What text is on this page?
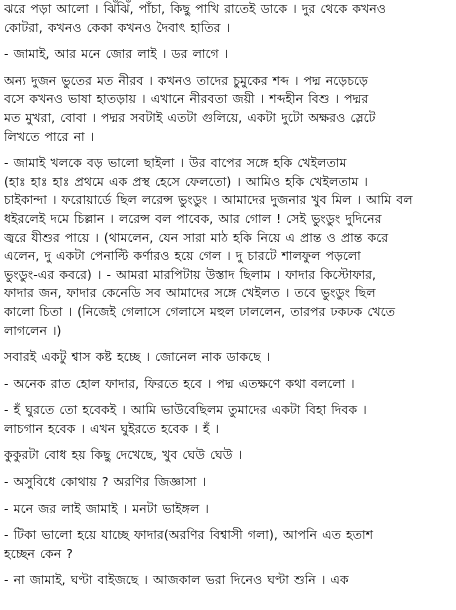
ঝরে পড়া আলো । ঝিঁঝিঁ, পাঁচা, কিছু পাখি রাতেই ডাকে । দুর থেকে কখনও
কোটরা, কখনও কেকা কখনও দৈবাৎ হাতির ।
- জামাই, আর মনে জোর লাই । ডর লাগে ।
অন্য দুজন ভুতের মত নীরব । কখনও তাদের চুমুকের শব্দ । পদ্ম নড়েচড়ে
বসে কখনও ভাষা হাতড়ায় । এখানে নীরবতা জয়ী । শব্দহীন বিশু । পদ্মর
মত মুখরা, বোবা । পদ্মর সবটাই এতটা গুলিয়ে, একটা দুটো অক্ষরও স্লেটে
লিখতে পারে না ।
- জামাই খলকে বড় ভালো ছাইলা । উর বাপের সঙ্গে হকি খেইলতাম
(হাঃ হাঃ হাঃ প্রথমে এক প্রস্থ হেসে ফেলতো) । আমিও হকি খেইলতাম ।
চাইকান্দা । ফরোয়ার্ডে ছিল লরেন্স ভুংডুং । আমাদের দুজনার খুব মিল । আমি বল
ধইরলেই দমে চিল্লান । লরেন্স বল পাবেক, আর গোল ! সেই ভুংডুং দুদিনের
জ্বরে যীশুর পায়ে । (থামলেন, যেন সারা মাঠ হকি নিয়ে এ প্রান্ত ও প্রান্ত করে
এলেন, দু একটা পেনাল্টি কর্ণারও হয়ে গেল । দু চারটে শালফুল পড়লো
ভুংডুং-এর কবরে) । - আমরা মারপিটায় উস্তাদ ছিলাম । ফাদার কিস্টোফার,
ফাদার জন, ফাদার কেনেডি সব আমাদের সঙ্গে খেইলত । তবে ভুংডুং ছিল
কালো চিতা । (নিজেই গেলাসে গেলাসে মহুল ঢাললেন, তারপর ঢকঢক খেতে
লাগলেন ।)
সবারই একটু শ্বাস কষ্ট হচ্ছে । জোনেল নাক ডাকছে ।
- অনেক রাত হোল ফাদার, ফিরতে হবে । পদ্ম এতক্ষণে কথা বললো ।
- হঁ ঘুরতে তো হবেকই । আমি ভাউবেছিলম তুমাদের একটা বিহা দিবক ।
লাচগান হবেক । এখন ঘুইরতে হবেক । হঁ ।
কুকুরটা বোধ হয় কিছু দেখেছে, খুব ঘেউ ঘেউ ।
- অসুবিধে কোথায় ? অরণির জিজ্ঞাসা ।
- মনে জর লাই জামাই । মনটা ভাইঙ্গল ।
- টিকা ভালো হয়ে যাচ্ছে ফাদার(অরণির বিশ্বাসী গলা), আপনি এত হতাশ
হচ্ছেন কেন ?
- না জামাই, ঘণ্টা বাইজছে । আজকাল ভরা দিনেও ঘণ্টা শুনি । এক
